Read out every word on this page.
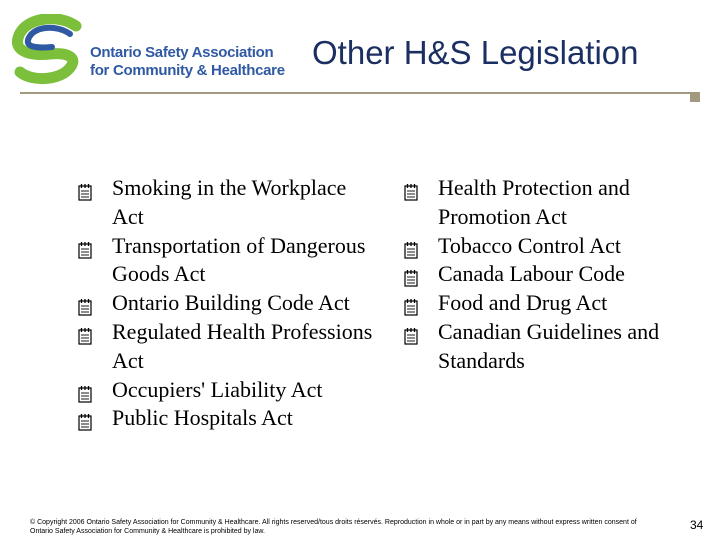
Ontario Safety Association
for Community & Healthcare Other H&S Legislation
Smoking in the Workplace Act
Transportation of Dangerous Goods Act
Ontario Building Code Act
Regulated Health Professions Act
Occupiers' Liability Act
Public Hospitals Act
Health Protection and Promotion Act
Tobacco Control Act
Canada Labour Code
Food and Drug Act
Canadian Guidelines and Standards
© Copyright 2006 Ontario Safety Association for Community & Healthcare. All rights reserved/tous droits réservés. Reproduction in whole or in part by any means without express written consent of Ontario Safety Association for Community & Healthcare is prohibited by law.	34
